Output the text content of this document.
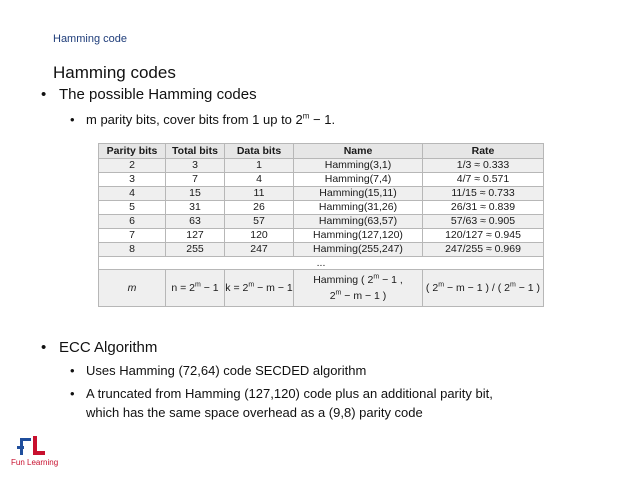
Hamming code
Hamming codes
• The possible Hamming codes
• m parity bits, cover bits from 1 up to $2^m - 1$.
Parity bits	Total bits	Data bits	Name	Rate
2	3	1	Hamming(3,1)	1/3 ≈ 0.333
3	7	4	Hamming(7,4)	4/7 ≈ 0.571
4	15	11	Hamming(15,11)	11/15 ≈ 0.733
5	31	26	Hamming(31,26)	26/31 ≈ 0.839
6	63	57	Hamming(63,57)	57/63 ≈ 0.905
7	127	120	Hamming(127,120)	120/127 ≈ 0.945
8	255	247	Hamming(255,247)	247/255 ≈ 0.969
...				
m	$n = 2^m - 1$	$k = 2^m - m - 1$	Hamming ( $2^m - 1$ ,
$2^m - m - 1$ )	( $2^m - m - 1$ ) / ( $2^m - 1$ )
• ECC Algorithm
• Uses Hamming (72,64) code SECDED algorithm
• A truncated from Hamming (127,120) code plus an additional parity bit,
which has the same space overhead as a (9,8) parity code
Fun Learning
